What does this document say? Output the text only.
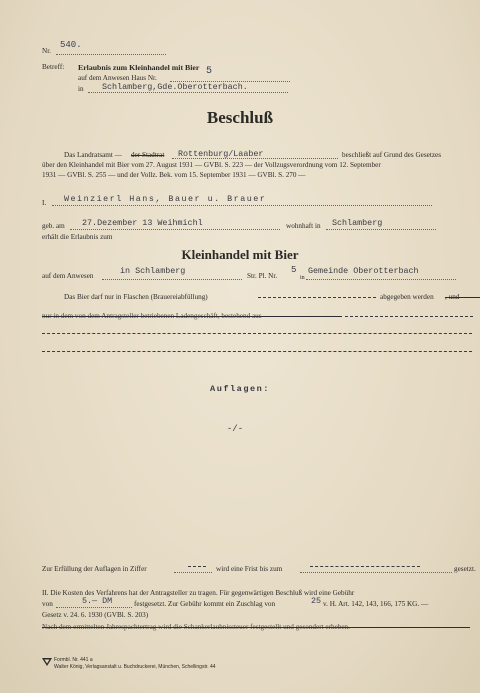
Nr.
540.
Betreff: Erlaubnis zum Kleinhandel mit Bier
auf dem Anwesen Haus Nr.
5
in Schlamberg,Gde.Oberotterbach.
Beschluß
Das Landratsamt — der Stadtrat Rottenburg/Laaber	beschließt auf Grund des Gesetzes
über den Kleinhandel mit Bier vom 27. August 1931 — GVBl. S. 223 — der Vollzugsverordnung vom 12. September
1931 — GVBl. S. 255 — und der Vollz. Bek. vom 15. September 1931 — GVBl. S. 270 —
I. Weinzierl Hans, Bauer u. Brauer
geb. am 27.Dezember 13 Weihmichl	wohnhaft in Schlamberg
erhält die Erlaubnis zum
Kleinhandel mit Bier
auf dem Anwesen	in Schlamberg	Str. Pl. Nr.
5
in
Gemeinde Oberotterbach
Das Bier darf nur in Flaschen (Brauereiabfüllung)	abgegeben werden , und
nur in dem von dem Antragsteller betriebenen Ladengeschäft, bestehend aus
Auflagen:
-/-
Zur Erfüllung der Auflagen in Ziffer	wird eine Frist bis zum	gesetzt.
II. Die Kosten des Verfahrens hat der Antragsteller zu tragen. Für gegenwärtigen Beschluß wird eine Gebühr
von	5.— DM	festgesetzt. Zur Gebühr kommt ein Zuschlag von	25 v. H. Art. 142, 143, 166, 175 KG. —
Gesetz v. 24. 6. 1930 (GVBl. S. 203)
Nach dem ermittelten Jahrespachtertrag wird die Schankerlaubnissteuer festgestellt und gesondert erheben.
Formbl. Nr. 441 a
Walter König, Verlagsanstalt u. Buchdruckerei, München, Schellingstr. 44
